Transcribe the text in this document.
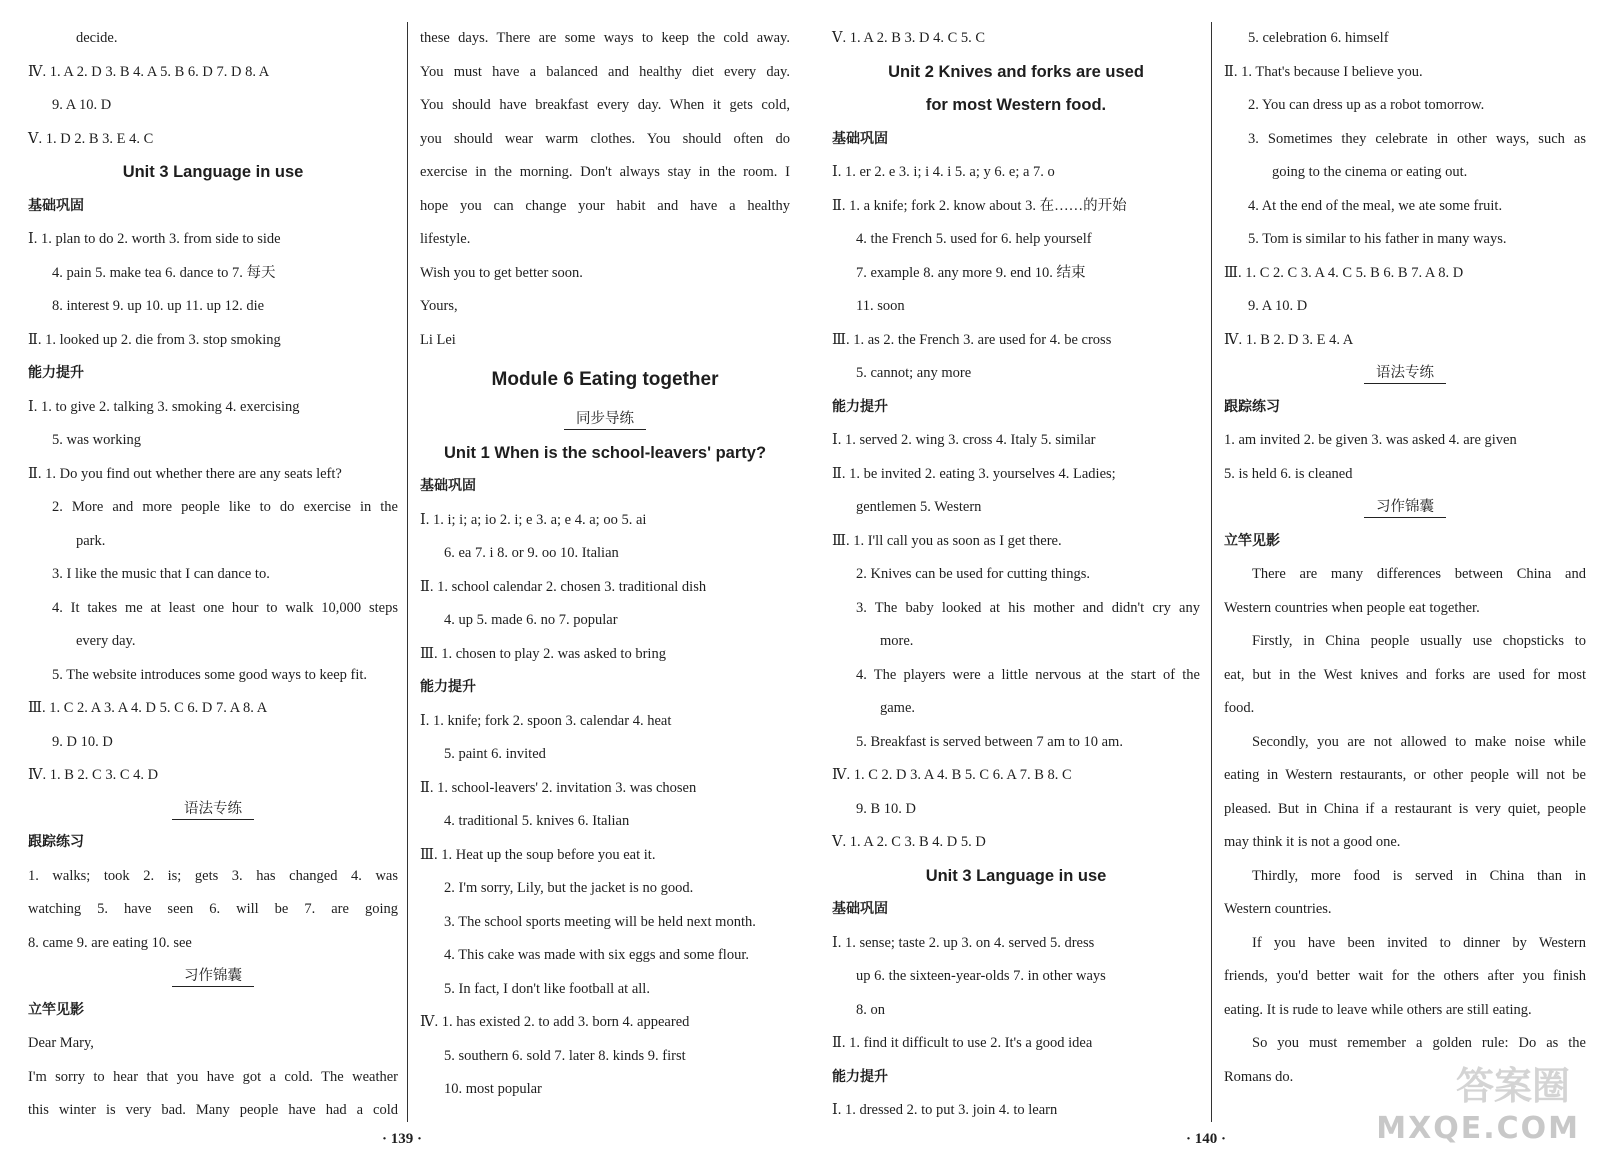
decide.
Ⅳ. 1. A 2. D 3. B 4. A 5. B 6. D 7. D 8. A
9. A 10. D
Ⅴ. 1. D 2. B 3. E 4. C
Unit 3 Language in use
基础巩固
Ⅰ. 1. plan to do 2. worth 3. from side to side
4. pain 5. make tea 6. dance to 7. 每天
8. interest 9. up 10. up 11. up 12. die
Ⅱ. 1. looked up 2. die from 3. stop smoking
能力提升
Ⅰ. 1. to give 2. talking 3. smoking 4. exercising
5. was working
Ⅱ. 1. Do you find out whether there are any seats left?
2. More and more people like to do exercise in the
park.
3. I like the music that I can dance to.
4. It takes me at least one hour to walk 10,000 steps
every day.
5. The website introduces some good ways to keep fit.
Ⅲ. 1. C 2. A 3. A 4. D 5. C 6. D 7. A 8. A
9. D 10. D
Ⅳ. 1. B 2. C 3. C 4. D
语法专练
跟踪练习
1. walks; took 2. is; gets 3. has changed 4. was
watching 5. have seen 6. will be 7. are going
8. came 9. are eating 10. see
习作锦囊
立竿见影
Dear Mary,
I'm sorry to hear that you have got a cold. The weather
this winter is very bad. Many people have had a cold
these days. There are some ways to keep the cold away.
You must have a balanced and healthy diet every day.
You should have breakfast every day. When it gets cold,
you should wear warm clothes. You should often do
exercise in the morning. Don't always stay in the room. I
hope you can change your habit and have a healthy
lifestyle.
Wish you to get better soon.
Yours,
Li Lei
Module 6 Eating together
同步导练
Unit 1 When is the school-leavers' party?
基础巩固
Ⅰ. 1. i; i; a; io 2. i; e 3. a; e 4. a; oo 5. ai
6. ea 7. i 8. or 9. oo 10. Italian
Ⅱ. 1. school calendar 2. chosen 3. traditional dish
4. up 5. made 6. no 7. popular
Ⅲ. 1. chosen to play 2. was asked to bring
能力提升
Ⅰ. 1. knife; fork 2. spoon 3. calendar 4. heat
5. paint 6. invited
Ⅱ. 1. school-leavers' 2. invitation 3. was chosen
4. traditional 5. knives 6. Italian
Ⅲ. 1. Heat up the soup before you eat it.
2. I'm sorry, Lily, but the jacket is no good.
3. The school sports meeting will be held next month.
4. This cake was made with six eggs and some flour.
5. In fact, I don't like football at all.
Ⅳ. 1. has existed 2. to add 3. born 4. appeared
5. southern 6. sold 7. later 8. kinds 9. first
10. most popular
Ⅴ. 1. A 2. B 3. D 4. C 5. C
Unit 2 Knives and forks are used
for most Western food.
基础巩固
Ⅰ. 1. er 2. e 3. i; i 4. i 5. a; y 6. e; a 7. o
Ⅱ. 1. a knife; fork 2. know about 3. 在……的开始
4. the French 5. used for 6. help yourself
7. example 8. any more 9. end 10. 结束
11. soon
Ⅲ. 1. as 2. the French 3. are used for 4. be cross
5. cannot; any more
能力提升
Ⅰ. 1. served 2. wing 3. cross 4. Italy 5. similar
Ⅱ. 1. be invited 2. eating 3. yourselves 4. Ladies;
gentlemen 5. Western
Ⅲ. 1. I'll call you as soon as I get there.
2. Knives can be used for cutting things.
3. The baby looked at his mother and didn't cry any
more.
4. The players were a little nervous at the start of the
game.
5. Breakfast is served between 7 am to 10 am.
Ⅳ. 1. C 2. D 3. A 4. B 5. C 6. A 7. B 8. C
9. B 10. D
Ⅴ. 1. A 2. C 3. B 4. D 5. D
Unit 3 Language in use
基础巩固
Ⅰ. 1. sense; taste 2. up 3. on 4. served 5. dress
up 6. the sixteen-year-olds 7. in other ways
8. on
Ⅱ. 1. find it difficult to use 2. It's a good idea
能力提升
Ⅰ. 1. dressed 2. to put 3. join 4. to learn
5. celebration 6. himself
Ⅱ. 1. That's because I believe you.
2. You can dress up as a robot tomorrow.
3. Sometimes they celebrate in other ways, such as
going to the cinema or eating out.
4. At the end of the meal, we ate some fruit.
5. Tom is similar to his father in many ways.
Ⅲ. 1. C 2. C 3. A 4. C 5. B 6. B 7. A 8. D
9. A 10. D
Ⅳ. 1. B 2. D 3. E 4. A
语法专练
跟踪练习
1. am invited 2. be given 3. was asked 4. are given
5. is held 6. is cleaned
习作锦囊
立竿见影
There are many differences between China and
Western countries when people eat together.
Firstly, in China people usually use chopsticks to
eat, but in the West knives and forks are used for most
food.
Secondly, you are not allowed to make noise while
eating in Western restaurants, or other people will not be
pleased. But in China if a restaurant is very quiet, people
may think it is not a good one.
Thirdly, more food is served in China than in
Western countries.
If you have been invited to dinner by Western
friends, you'd better wait for the others after you finish
eating. It is rude to leave while others are still eating.
So you must remember a golden rule: Do as the
Romans do.
· 139 ·	· 140 ·
答案圈
MXQE.COM
